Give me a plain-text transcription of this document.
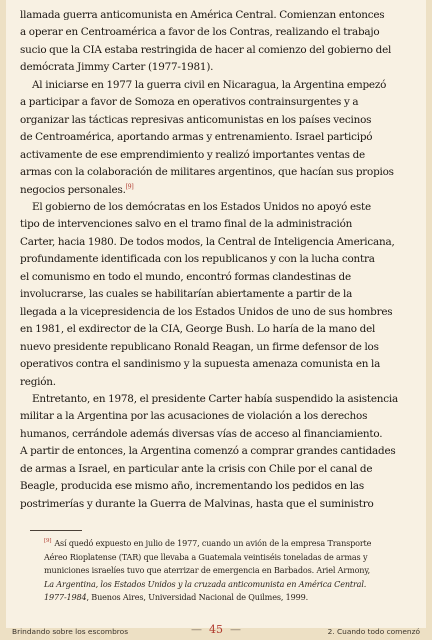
llamada guerra anticomunista en América Central. Comienzan entonces
a operar en Centroamérica a favor de los Contras, realizando el trabajo
sucio que la CIA estaba restringida de hacer al comienzo del gobierno del
demócrata Jimmy Carter (1977-1981).
Al iniciarse en 1977 la guerra civil en Nicaragua, la Argentina empezó
a participar a favor de Somoza en operativos contrainsurgentes y a
organizar las tácticas represivas anticomunistas en los países vecinos
de Centroamérica, aportando armas y entrenamiento. Israel participó
activamente de ese emprendimiento y realizó importantes ventas de
armas con la colaboración de militares argentinos, que hacían sus propios
negocios personales.[9]
El gobierno de los demócratas en los Estados Unidos no apoyó este
tipo de intervenciones salvo en el tramo final de la administración
Carter, hacia 1980. De todos modos, la Central de Inteligencia Americana,
profundamente identificada con los republicanos y con la lucha contra
el comunismo en todo el mundo, encontró formas clandestinas de
involucrarse, las cuales se habilitarían abiertamente a partir de la
llegada a la vicepresidencia de los Estados Unidos de uno de sus hombres
en 1981, el exdirector de la CIA, George Bush. Lo haría de la mano del
nuevo presidente republicano Ronald Reagan, un firme defensor de los
operativos contra el sandinismo y la supuesta amenaza comunista en la
región.
Entretanto, en 1978, el presidente Carter había suspendido la asistencia
militar a la Argentina por las acusaciones de violación a los derechos
humanos, cerrándole además diversas vías de acceso al financiamiento.
A partir de entonces, la Argentina comenzó a comprar grandes cantidades
de armas a Israel, en particular ante la crisis con Chile por el canal de
Beagle, producida ese mismo año, incrementando los pedidos en las
postrimerías y durante la Guerra de Malvinas, hasta que el suministro
[9] Así quedó expuesto en julio de 1977, cuando un avión de la empresa Transporte
Aéreo Rioplatense (TAR) que llevaba a Guatemala veintiséis toneladas de armas y
municiones israelíes tuvo que aterrizar de emergencia en Barbados. Ariel Armony,
La Argentina, los Estados Unidos y la cruzada anticomunista en América Central.
1977-1984, Buenos Aires, Universidad Nacional de Quilmes, 1999.
Brindando sobre los escombros	— 45 —	2. Cuando todo comenzó
